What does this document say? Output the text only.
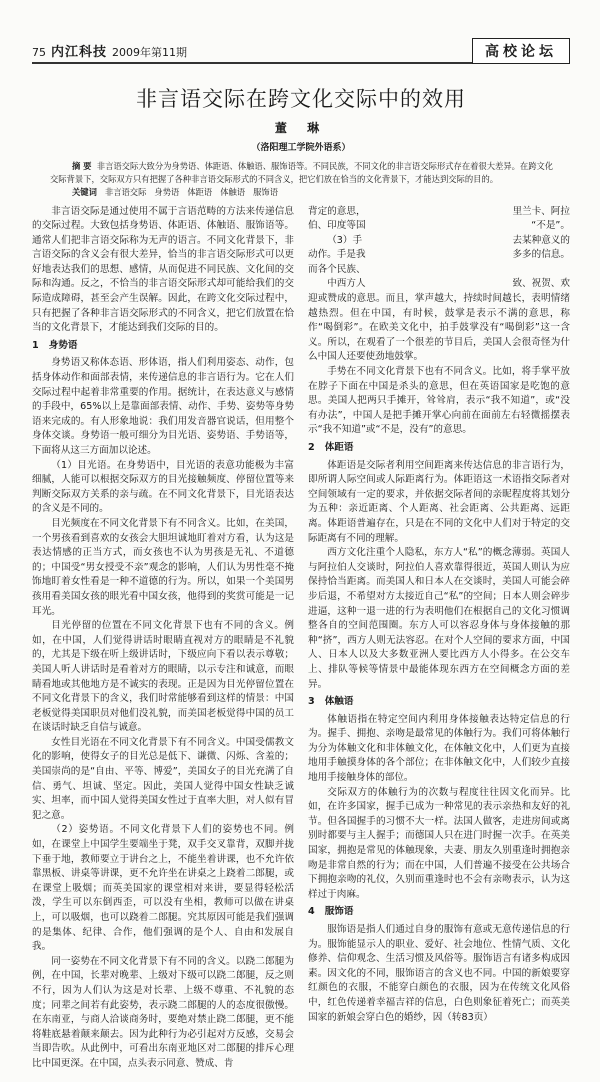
75 内江科技 2009年第11期	高校论坛
非言语交际在跨文化交际中的效用
董 琳
（洛阳理工学院外语系）
摘 要 非言语交际大致分为身势语、体距语、体触语、服饰语等。不同民族，不同文化的非言语交际形式存在着很大差异。在跨文化交际背景下，交际双方只有把握了各种非言语交际形式的不同含义，把它们放在恰当的文化背景下，才能达到交际的目的。
关键词 非言语交际 身势语 体距语 体触语 服饰语

非言语交际是通过使用不属于言语范畴的方法来传递信息的交际过程。大致包括身势语、体距语、体触语、服饰语等。通常人们把非言语交际称为无声的语言。不同文化背景下，非言语交际的含义会有很大差异，恰当的非言语交际形式可以更好地表达我们的思想、感情，从而促进不同民族、文化间的交际和沟通。反之，不恰当的非言语交际形式却可能给我们的交际造成障碍，甚至会产生误解。因此，在跨文化交际过程中，只有把握了各种非言语交际形式的不同含义，把它们放置在恰当的文化背景下，才能达到我们交际的目的。

1 身势语

身势语又称体态语、形体语，指人们利用姿态、动作，包括身体动作和面部表情，来传递信息的非言语行为。它在人们交际过程中起着非常重要的作用。据统计，在表达意义与感情的手段中，65%以上是靠面部表情、动作、手势、姿势等身势语来完成的。有人形象地说：我们用发音器官说话，但用整个身体交谈。身势语一般可细分为目光语、姿势语、手势语等，下面将从这三方面加以论述。

（1）目光语。在身势语中，目光语的表意功能极为丰富细腻，人能可以根据交际双方的目光接触频度、停留位置等来判断交际双方关系的亲与疏。在不同文化背景下，目光语表达的含义是不同的。

目光频度在不同文化背景下有不同含义。比如，在美国，一个男孩看到喜欢的女孩会大胆坦诚地盯着对方看，认为这是表达情感的正当方式，而女孩也不认为男孩是无礼、不道德的；中国受“男女授受不亲”观念的影响，人们认为男性毫不掩饰地盯着女性看是一种不道德的行为。所以，如果一个美国男孩用看美国女孩的眼光看中国女孩，他得到的奖赏可能是一记耳光。

目光停留的位置在不同文化背景下也有不同的含义。例如，在中国，人们觉得讲话时眼睛直视对方的眼睛是不礼貌的，尤其是下级在听上级讲话时，下级应向下看以表示尊敬；美国人听人讲话时是看着对方的眼睛，以示专注和诚意，而眼睛看地或其他地方是不诚实的表现。正是因为目光停留位置在不同文化背景下的含义，我们时常能够看到这样的情景：中国老板觉得美国职员对他们没礼貌，而美国老板觉得中国的员工在谈话时缺乏自信与诚意。

女性目光语在不同文化背景下有不同含义。中国受儒教文化的影响，使得女子的目光总是低下、谦微、闪烁、含羞的；美国崇尚的是“自由、平等、博爱”，美国女子的目光充满了自信、勇气、坦诚、坚定。因此，美国人觉得中国女性缺乏诚实、坦率，而中国人觉得美国女性过于直率大胆，对人似有冒犯之意。

（2）姿势语。不同文化背景下人们的姿势也不同。例如，在课堂上中国学生要端坐于凳，双手交叉靠背，双脚并拢下垂于地，教师要立于讲台之上，不能坐着讲课，也不允许依靠黑板、讲桌等讲课，更不允许坐在讲桌之上跷着二郎腿，或在课堂上吸烟；而英美国家的课堂相对来讲，要显得轻松活泼，学生可以东倒西歪，可以没有坐相，教师可以做在讲桌上，可以吸烟，也可以跷着二郎腿。究其原因可能是我们强调的是集体、纪律、合作，他们强调的是个人、自由和发展自我。

同一姿势在不同文化背景下有不同的含义。以跷二郎腿为例，在中国，长辈对晚辈、上级对下级可以跷二郎腿，反之则不行，因为人们认为这是对长辈、上级不尊重、不礼貌的态度；同辈之间若有此姿势，表示跷二郎腿的人的态度很傲慢。在东南亚，与商人洽谈商务时，要绝对禁止跷二郎腿，更不能将鞋底悬着颠来颠去。因为此种行为必引起对方反感，交易会当即告吹。从此例中，可看出东南亚地区对二郎腿的排斥心理比中国更深。在中国，点头表示同意、赞成、肯

背定的意思，	里兰卡、阿拉
伯、印度等国	“不是”。
（3）手	去某种意义的
动作。手是我	多多的信息。
而各个民族、
中西方人	致、祝贺、欢

迎或赞成的意思。而且，掌声越大，持续时间越长，表明情绪越热烈。但在中国，有时候，鼓掌是表示不满的意思，称作“喝倒彩”。在欧美文化中，拍手鼓掌没有“喝倒彩”这一含义。所以，在观看了一个很差的节目后，美国人会很奇怪为什么中国人还要使劲地鼓掌。

手势在不同文化背景下也有不同含义。比如，将手掌平放在脖子下面在中国是杀头的意思，但在英语国家是吃饱的意思。美国人把两只手摊开，耸耸肩，表示“我不知道”，或“没有办法”，中国人是把手摊开掌心向前在面前左右轻微摇摆表示“我不知道”或“不是，没有”的意思。

2 体距语

体距语是交际者利用空间距离来传达信息的非言语行为，即所谓人际空间或人际距离行为。体距语这一术语指交际者对空间领域有一定的要求，并依据交际者间的亲昵程度将其划分为五种：亲近距离、个人距离、社会距离、公共距离、远距离。体距语普遍存在，只是在不同的文化中人们对于特定的交际距离有不同的理解。

西方文化注重个人隐私，东方人“私”的概念薄弱。英国人与阿拉伯人交谈时，阿拉伯人喜欢靠得很近，英国人则认为应保持恰当距离。而美国人和日本人在交谈时，美国人可能会碎步后退，不希望对方太接近自己“私”的空间；日本人则会碎步进逼，这种一退一进的行为表明他们在根据自己的文化习惯调整各自的空间范围圈。东方人可以容忍身体与身体接触的那种“挤”，西方人则无法容忍。在对个人空间的要求方面，中国人、日本人以及大多数亚洲人要比西方人小得多。在公交车上、排队等候等情景中最能体现东西方在空间概念方面的差异。

3 体触语

体触语指在特定空间内利用身体接触表达特定信息的行为。握手、拥抱、亲吻是最常见的体触行为。我们可将体触行为分为体触文化和非体触文化，在体触文化中，人们更为直接地用手触摸身体的各个部位；在非体触文化中，人们较少直接地用手接触身体的部位。

交际双方的体触行为的次数与程度往往因文化而异。比如，在许多国家，握手已成为一种常见的表示亲热和友好的礼节。但各国握手的习惯不大一样。法国人做客，走进房间或离别时都要与主人握手；而德国人只在进门时握一次手。在英美国家，拥抱是常见的体触现象，夫妻、朋友久别重逢时拥抱亲吻是非常自然的行为；而在中国，人们普遍不接受在公共场合下拥抱亲吻的礼仪，久别而重逢时也不会有亲吻表示，认为这样过于肉麻。

4 服饰语

服饰语是指人们通过自身的服饰有意或无意传递信息的行为。服饰能显示人的职业、爱好、社会地位、性情气质、文化修养、信仰观念、生活习惯及风俗等。服饰语言有诸多构成因素。因文化的不同，服饰语言的含义也不同。中国的新娘要穿红颜色的衣服，不能穿白颜色的衣服，因为在传统文化风俗中，红色传递着幸福吉祥的信息，白色则象征着死亡；而英美国家的新娘会穿白色的婚纱，因（转83页）
